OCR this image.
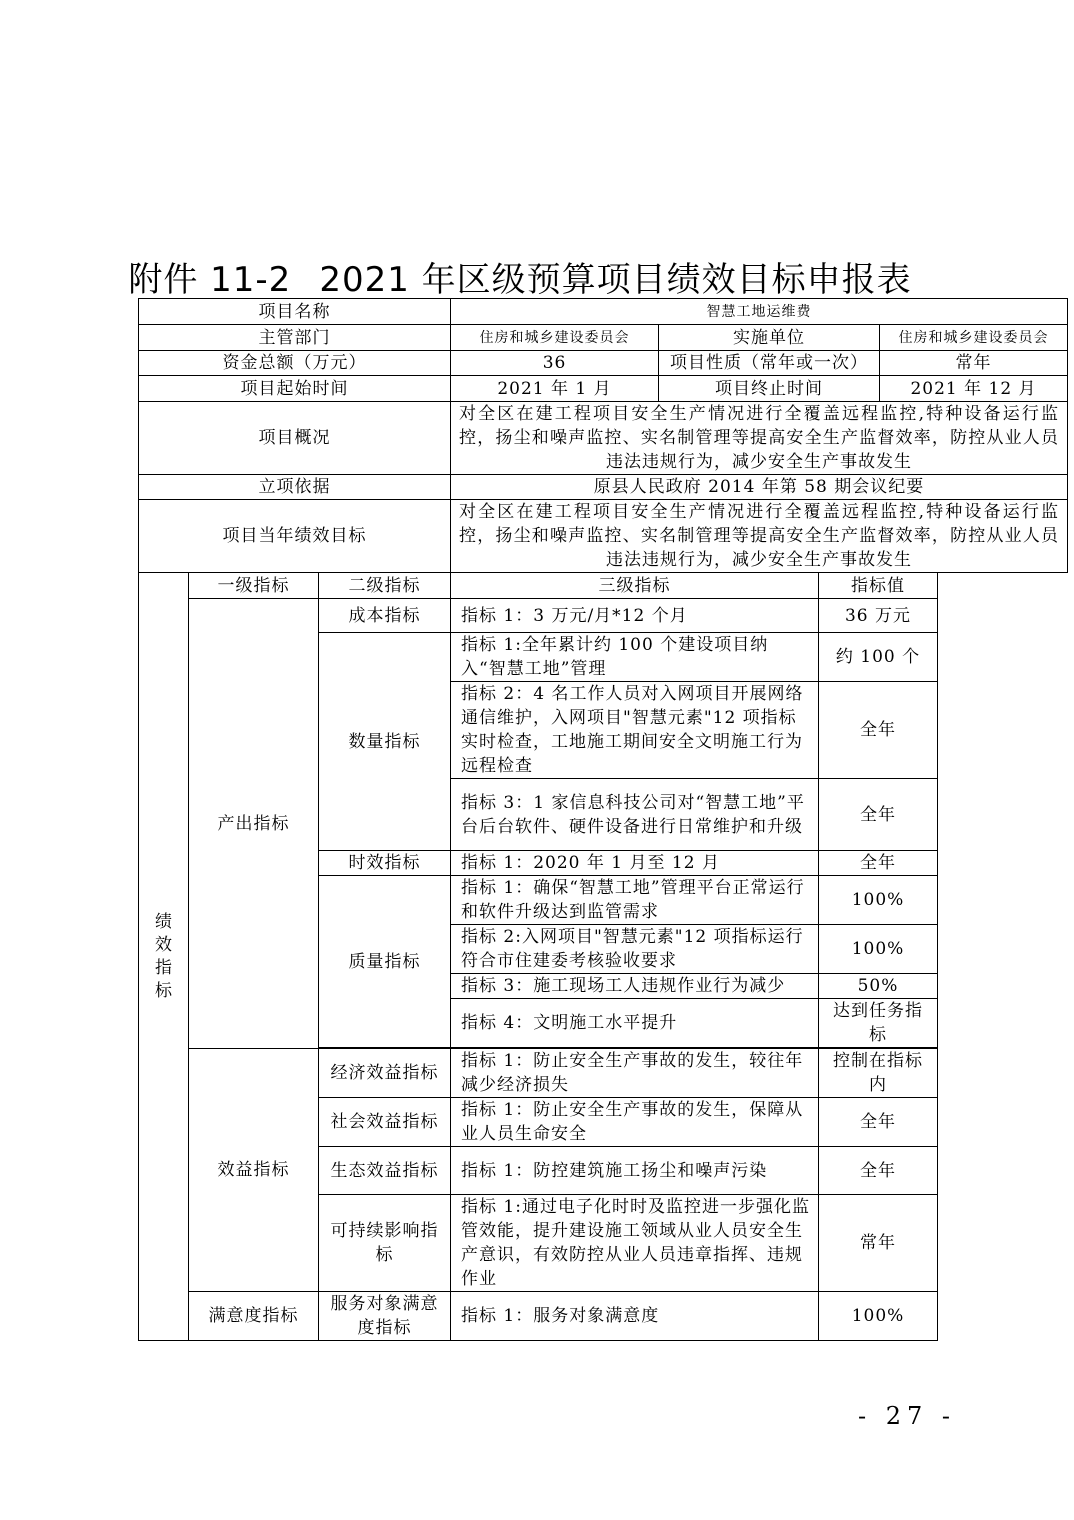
附件 11-2 2021 年区级预算项目绩效目标申报表
项目名称	智慧工地运维费		
主管部门	住房和城乡建设委员会	实施单位	住房和城乡建设委员会
资金总额（万元）	36	项目性质（常年或一次）	常年
项目起始时间	2021 年 1 月	项目终止时间	2021 年 12 月
项目概况	对全区在建工程项目安全生产情况进行全覆盖远程监控,特种设备运行监控，扬尘和噪声监控、实名制管理等提高安全生产监督效率，防控从业人员违法违规行为，减少安全生产事故发生		
立项依据	原县人民政府 2014 年第 58 期会议纪要		
项目当年绩效目标	对全区在建工程项目安全生产情况进行全覆盖远程监控,特种设备运行监控，扬尘和噪声监控、实名制管理等提高安全生产监督效率，防控从业人员违法违规行为，减少安全生产事故发生		
绩效指标	一级指标	二级指标	三级指标	指标值
	产出指标	成本指标	指标 1：3 万元/月*12 个月	36 万元
		数量指标	指标 1:全年累计约 100 个建设项目纳入“智慧工地”管理	约 100 个
			指标 2：4 名工作人员对入网项目开展网络通信维护，入网项目"智慧元素"12 项指标实时检查，工地施工期间安全文明施工行为远程检查	全年
			指标 3：1 家信息科技公司对“智慧工地”平台后台软件、硬件设备进行日常维护和升级	全年
		时效指标	指标 1：2020 年 1 月至 12 月	全年
		质量指标	指标 1：确保“智慧工地”管理平台正常运行和软件升级达到监管需求	100%
			指标 2:入网项目"智慧元素"12 项指标运行符合市住建委考核验收要求	100%
			指标 3：施工现场工人违规作业行为减少	50%
			指标 4：文明施工水平提升	达到任务指标

	效益指标	经济效益指标	指标 1：防止安全生产事故的发生，较往年减少经济损失	控制在指标内
		社会效益指标	指标 1：防止安全生产事故的发生，保障从业人员生命安全	全年
		生态效益指标	指标 1：防控建筑施工扬尘和噪声污染	全年
		可持续影响指标	指标 1:通过电子化时时及监控进一步强化监管效能，提升建设施工领域从业人员安全生产意识，有效防控从业人员违章指挥、违规作业	常年
	满意度指标	服务对象满意度指标	指标 1：服务对象满意度	100%
- 27 -
